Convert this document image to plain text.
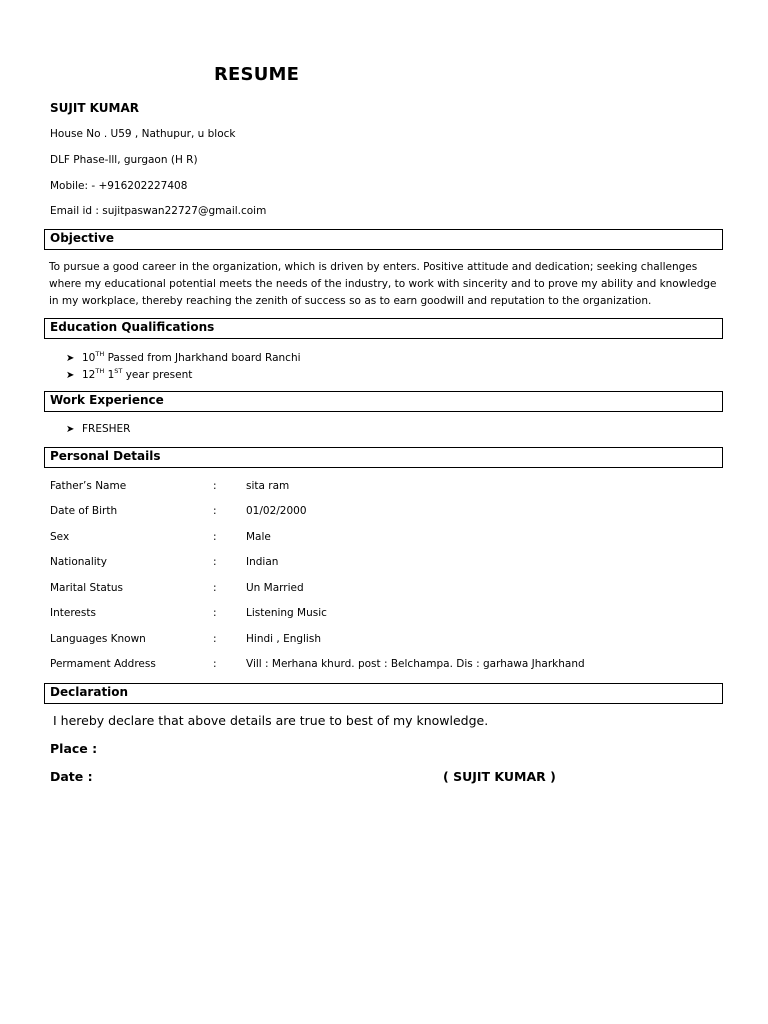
RESUME
SUJIT KUMAR
House No . U59 , Nathupur, u block
DLF Phase-lll, gurgaon (H R)
Mobile: - +916202227408
Email id : sujitpaswan22727@gmail.coim
Objective
To pursue a good career in the organization, which is driven by enters. Positive attitude and dedication; seeking challenges
where my educational potential meets the needs of the industry, to work with sincerity and to prove my ability and knowledge
in my workplace, thereby reaching the zenith of success so as to earn goodwill and reputation to the organization.
Education Qualifications
➤ 10TH Passed from Jharkhand board Ranchi
➤ 12TH 1ST year present
Work Experience
➤ FRESHER
Personal Details
Father’s Name	:	sita ram
Date of Birth	:	01/02/2000
Sex	:	Male
Nationality	:	Indian
Marital Status	:	Un Married
Interests	:	Listening Music
Languages Known	:	Hindi , English
Permament Address	:	Vill : Merhana khurd. post : Belchampa. Dis : garhawa Jharkhand
Declaration
I hereby declare that above details are true to best of my knowledge.
Place :
Date :	( SUJIT KUMAR )
